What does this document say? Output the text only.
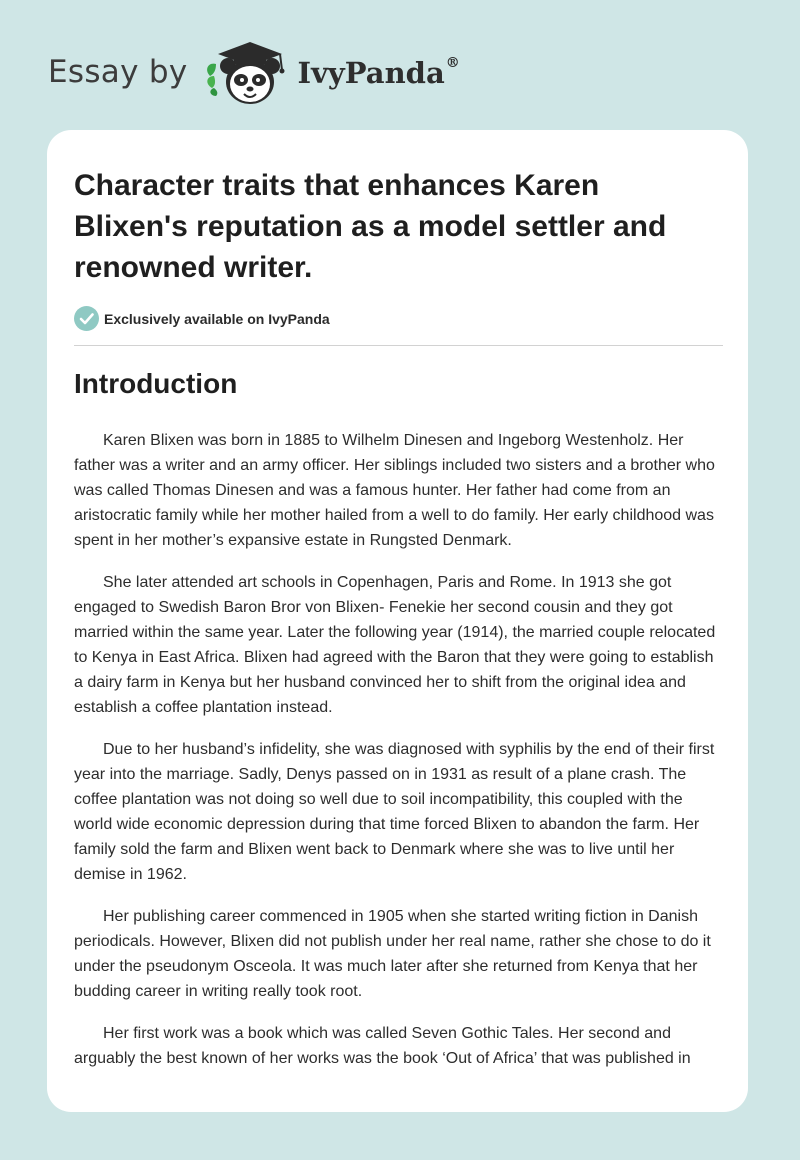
Essay by	IvyPanda®
Character traits that enhances Karen Blixen's reputation as a model settler and renowned writer.
Exclusively available on IvyPanda
Introduction

Karen Blixen was born in 1885 to Wilhelm Dinesen and Ingeborg Westenholz. Her father was a writer and an army officer. Her siblings included two sisters and a brother who was called Thomas Dinesen and was a famous hunter. Her father had come from an aristocratic family while her mother hailed from a well to do family. Her early childhood was spent in her mother’s expansive estate in Rungsted Denmark.

She later attended art schools in Copenhagen, Paris and Rome. In 1913 she got engaged to Swedish Baron Bror von Blixen- Fenekie her second cousin and they got married within the same year. Later the following year (1914), the married couple relocated to Kenya in East Africa. Blixen had agreed with the Baron that they were going to establish a dairy farm in Kenya but her husband convinced her to shift from the original idea and establish a coffee plantation instead.

Due to her husband’s infidelity, she was diagnosed with syphilis by the end of their first year into the marriage. Sadly, Denys passed on in 1931 as result of a plane crash. The coffee plantation was not doing so well due to soil incompatibility, this coupled with the world wide economic depression during that time forced Blixen to abandon the farm. Her family sold the farm and Blixen went back to Denmark where she was to live until her demise in 1962.

Her publishing career commenced in 1905 when she started writing fiction in Danish periodicals. However, Blixen did not publish under her real name, rather she chose to do it under the pseudonym Osceola. It was much later after she returned from Kenya that her budding career in writing really took root.

Her first work was a book which was called Seven Gothic Tales. Her second and arguably the best known of her works was the book ‘Out of Africa’ that was published in
